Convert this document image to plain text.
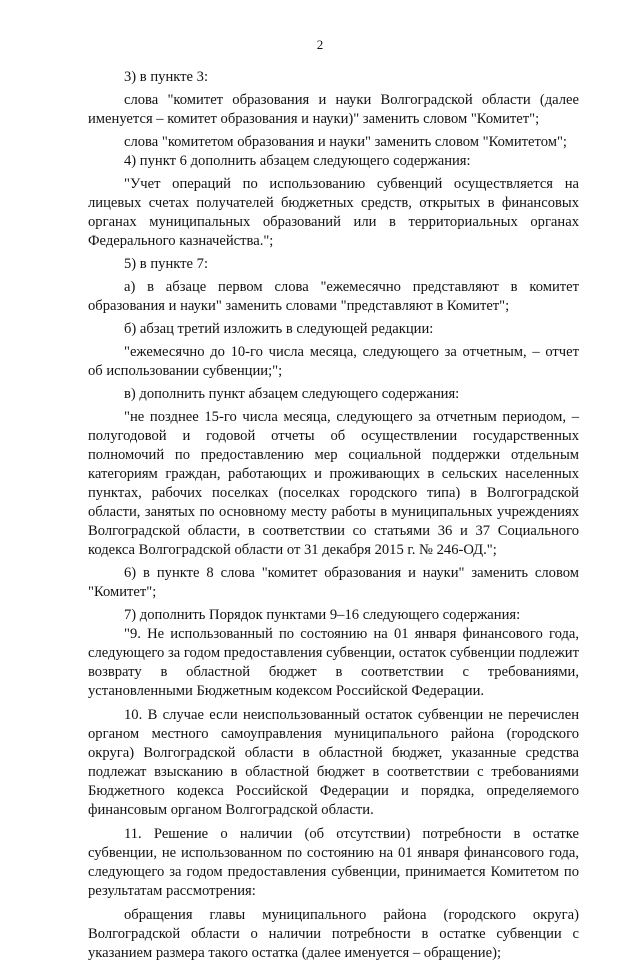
2

3) в пункте 3:

слова "комитет образования и науки Волгоградской области (далее именуется – комитет образования и науки)" заменить словом "Комитет";

слова "комитетом образования и науки" заменить словом "Комитетом";

4) пункт 6 дополнить абзацем следующего содержания:

"Учет операций по использованию субвенций осуществляется на лицевых счетах получателей бюджетных средств, открытых в финансовых органах муниципальных образований или в территориальных органах Федерального казначейства.";

5) в пункте 7:

а) в абзаце первом слова "ежемесячно представляют в комитет образования и науки" заменить словами "представляют в Комитет";

б) абзац третий изложить в следующей редакции:

"ежемесячно до 10-го числа месяца, следующего за отчетным, – отчет об использовании субвенции;";

в) дополнить пункт абзацем следующего содержания:

"не позднее 15-го числа месяца, следующего за отчетным периодом, – полугодовой и годовой отчеты об осуществлении государственных полномочий по предоставлению мер социальной поддержки отдельным категориям граждан, работающих и проживающих в сельских населенных пунктах, рабочих поселках (поселках городского типа) в Волгоградской области, занятых по основному месту работы в муниципальных учреждениях Волгоградской области, в соответствии со статьями 36 и 37 Социального кодекса Волгоградской области от 31 декабря 2015 г. № 246-ОД.";

6) в пункте 8 слова "комитет образования и науки" заменить словом "Комитет";

7) дополнить Порядок пунктами 9–16 следующего содержания:

"9. Не использованный по состоянию на 01 января финансового года, следующего за годом предоставления субвенции, остаток субвенции подлежит возврату в областной бюджет в соответствии с требованиями, установленными Бюджетным кодексом Российской Федерации.

10. В случае если неиспользованный остаток субвенции не перечислен органом местного самоуправления муниципального района (городского округа) Волгоградской области в областной бюджет, указанные средства подлежат взысканию в областной бюджет в соответствии с требованиями Бюджетного кодекса Российской Федерации и порядка, определяемого финансовым органом Волгоградской области.

11. Решение о наличии (об отсутствии) потребности в остатке субвенции, не использованном по состоянию на 01 января финансового года, следующего за годом предоставления субвенции, принимается Комитетом по результатам рассмотрения:

обращения главы муниципального района (городского округа) Волгоградской области о наличии потребности в остатке субвенции с указанием размера такого остатка (далее именуется – обращение);
